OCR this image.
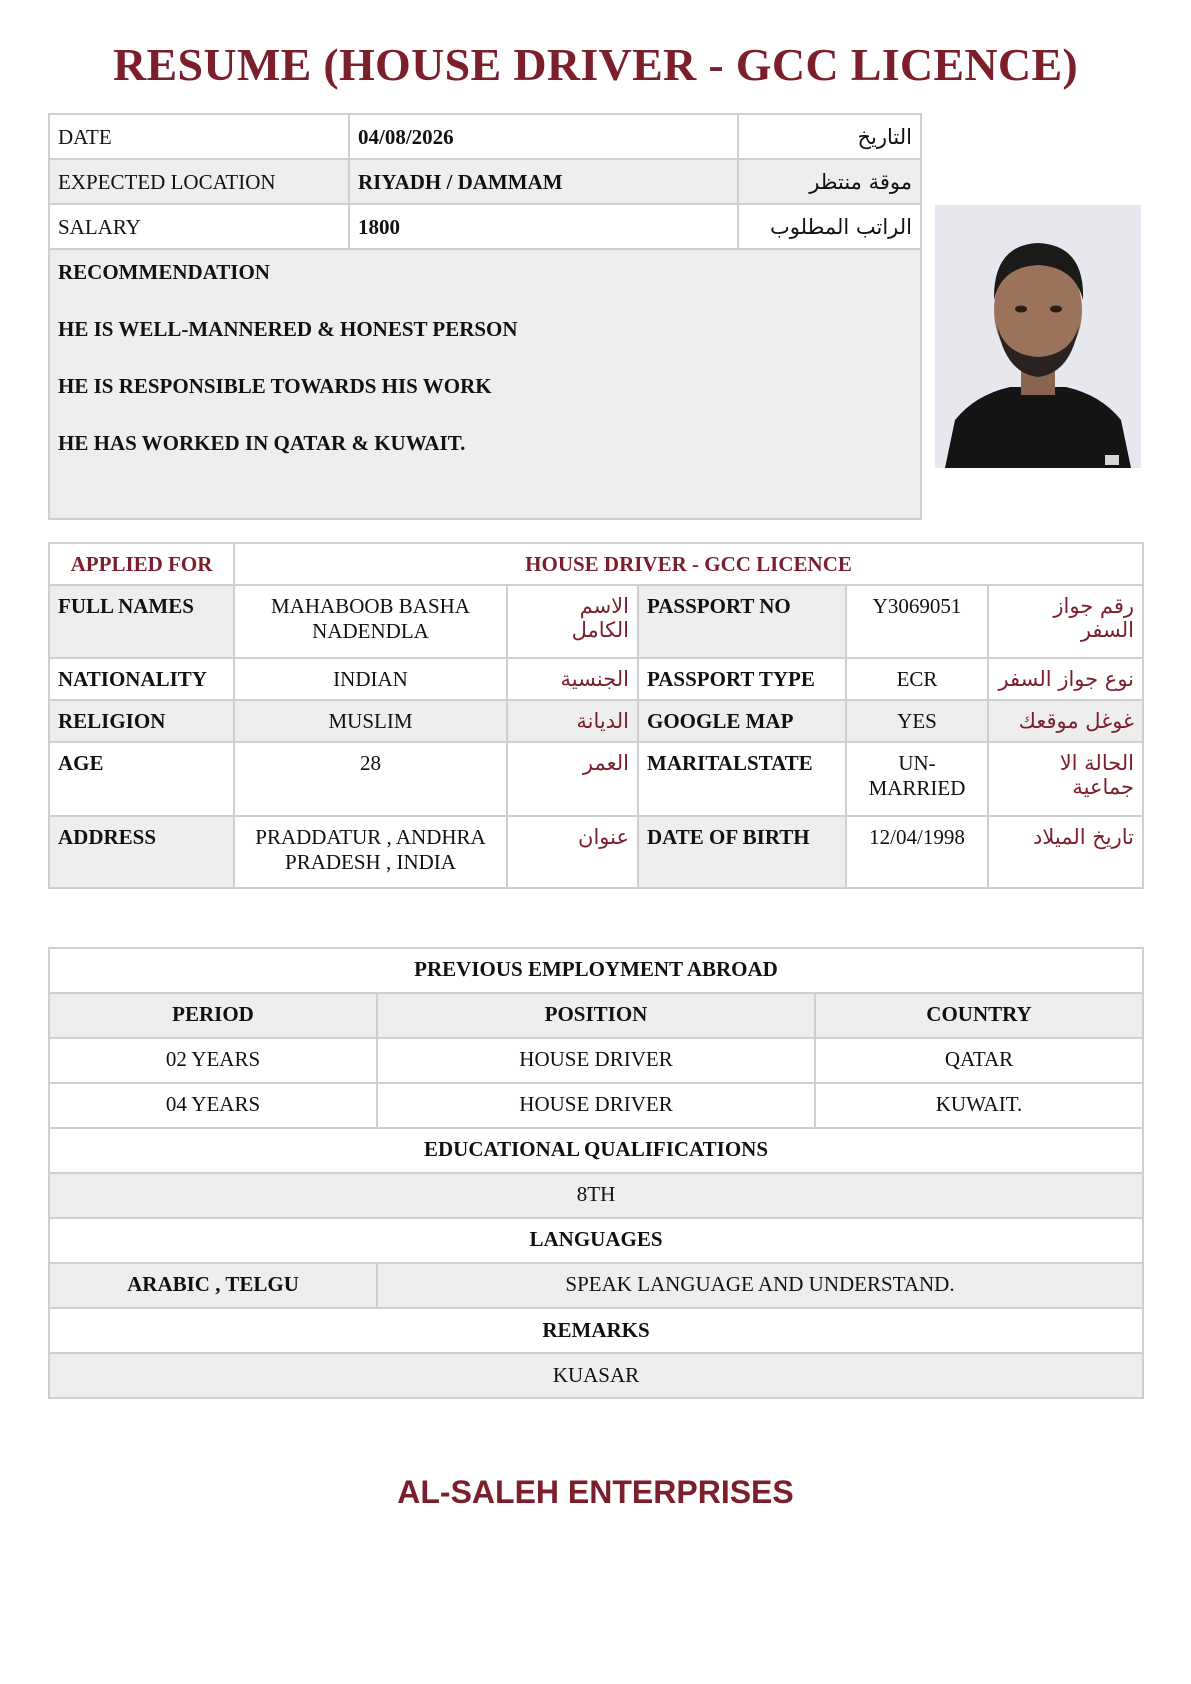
RESUME (HOUSE DRIVER - GCC LICENCE)
DATE	04/08/2026	التاريخ
EXPECTED LOCATION	RIYADH / DAMMAM	موقة منتظر
SALARY	1800	الراتب المطلوب

RECOMMENDATION

HE IS WELL-MANNERED & HONEST PERSON

HE IS RESPONSIBLE TOWARDS HIS WORK

HE HAS WORKED IN QATAR & KUWAIT.		

APPLIED FOR	HOUSE DRIVER - GCC LICENCE				
FULL NAMES	MAHABOOB BASHA NADENDLA	الاسم الكامل	PASSPORT NO	Y3069051	رقم جواز السفر
NATIONALITY	INDIAN	الجنسية	PASSPORT TYPE	ECR	نوع جواز السفر
RELIGION	MUSLIM	الديانة	GOOGLE MAP	YES	غوغل موقعك
AGE	28	العمر	MARITALSTATE	UN-MARRIED	الحالة الا جماعية
ADDRESS	PRADDATUR , ANDHRA PRADESH , INDIA	عنوان	DATE OF BIRTH	12/04/1998	تاريخ الميلاد
PREVIOUS EMPLOYMENT ABROAD		
PERIOD	POSITION	COUNTRY
02 YEARS	HOUSE DRIVER	QATAR
04 YEARS	HOUSE DRIVER	KUWAIT.
EDUCATIONAL QUALIFICATIONS		
8TH		
LANGUAGES		
ARABIC , TELGU	SPEAK LANGUAGE AND UNDERSTAND.	
REMARKS
KUASAR
AL-SALEH ENTERPRISES
